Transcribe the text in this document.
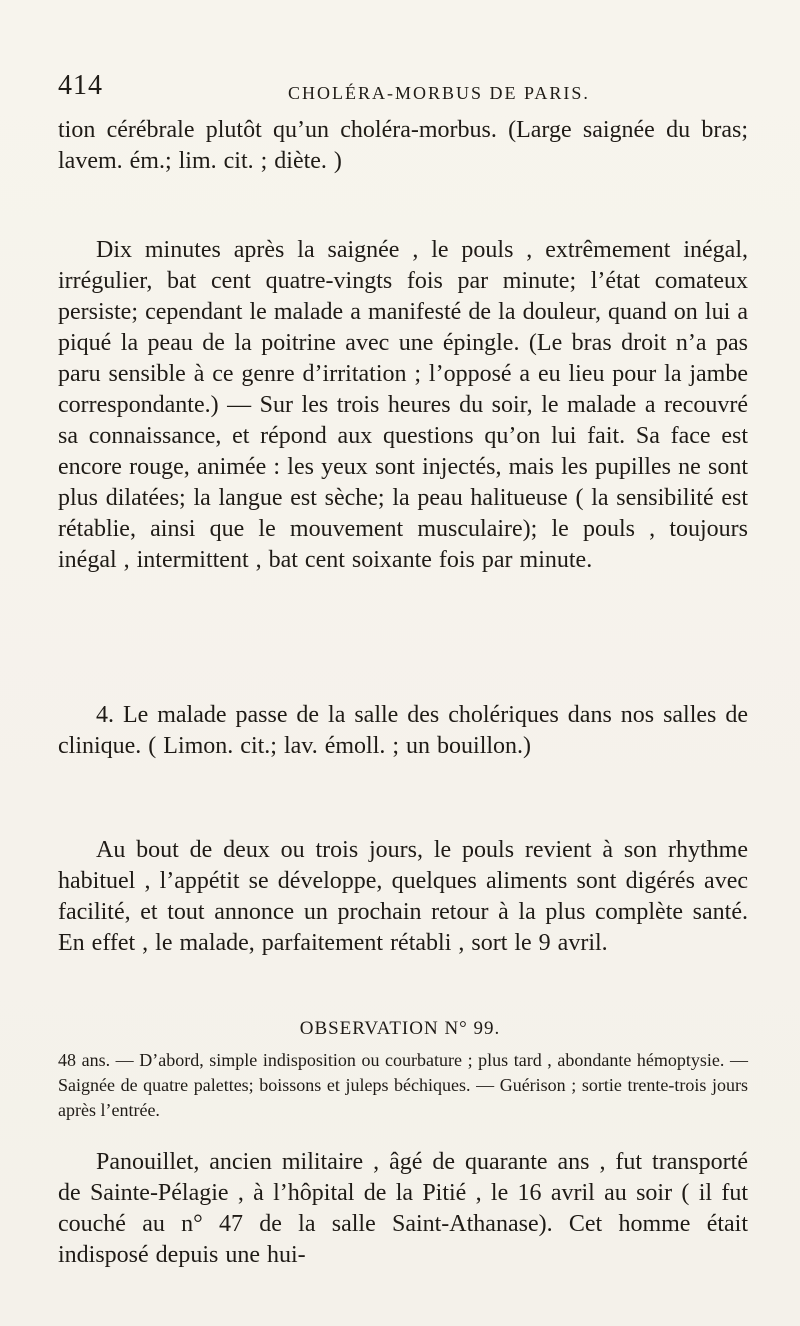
414	CHOLÉRA-MORBUS DE PARIS.

tion cérébrale plutôt qu’un choléra-morbus. (Large saignée du bras; lavem. ém.; lim. cit. ; diète. )

Dix minutes après la saignée , le pouls , extrêmement inégal, irrégulier, bat cent quatre-vingts fois par minute; l’état comateux persiste; cependant le malade a manifesté de la douleur, quand on lui a piqué la peau de la poitrine avec une épingle. (Le bras droit n’a pas paru sensible à ce genre d’irritation ; l’opposé a eu lieu pour la jambe correspondante.) — Sur les trois heures du soir, le malade a recouvré sa connaissance, et répond aux questions qu’on lui fait. Sa face est encore rouge, animée : les yeux sont injectés, mais les pupilles ne sont plus dilatées; la langue est sèche; la peau halitueuse ( la sensibilité est rétablie, ainsi que le mouvement musculaire); le pouls , toujours inégal , intermittent , bat cent soixante fois par minute.

4. Le malade passe de la salle des cholériques dans nos salles de clinique. ( Limon. cit.; lav. émoll. ; un bouillon.)

Au bout de deux ou trois jours, le pouls revient à son rhythme habituel , l’appétit se développe, quelques aliments sont digérés avec facilité, et tout annonce un prochain retour à la plus complète santé. En effet , le malade, parfaitement rétabli , sort le 9 avril.

OBSERVATION N° 99.

48 ans. — D’abord, simple indisposition ou courbature ; plus tard , abondante hémoptysie. — Saignée de quatre palettes; boissons et juleps béchiques. — Guérison ; sortie trente-trois jours après l’entrée.

Panouillet, ancien militaire , âgé de quarante ans , fut transporté de Sainte-Pélagie , à l’hôpital de la Pitié , le 16 avril au soir ( il fut couché au n° 47 de la salle Saint-Athanase). Cet homme était indisposé depuis une hui-
